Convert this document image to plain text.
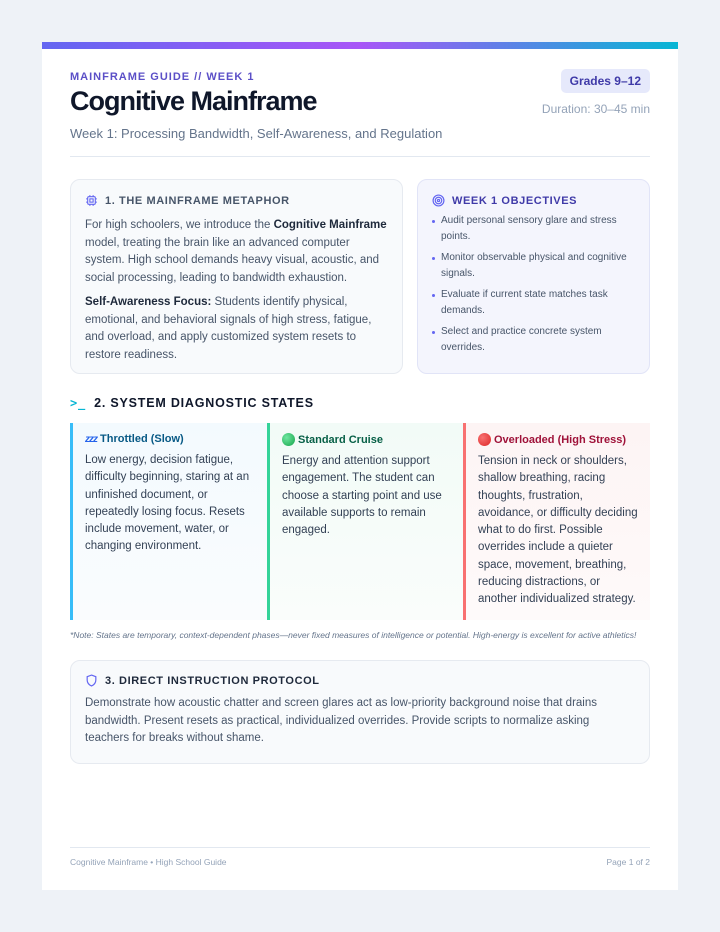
MAINFRAME GUIDE // WEEK 1
Cognitive Mainframe
Week 1: Processing Bandwidth, Self-Awareness, and Regulation
Grades 9–12
Duration: 30–45 min
1. THE MAINFRAME METAPHOR

For high schoolers, we introduce the Cognitive Mainframe model, treating the brain like an advanced computer system. High school demands heavy visual, acoustic, and social processing, leading to bandwidth exhaustion.

Self-Awareness Focus: Students identify physical, emotional, and behavioral signals of high stress, fatigue, and overload, and apply customized system resets to restore readiness.

WEEK 1 OBJECTIVES
Audit personal sensory glare and stress points.
Monitor observable physical and cognitive signals.
Evaluate if current state matches task demands.
Select and practice concrete system overrides.
>_ 2. SYSTEM DIAGNOSTIC STATES
zzz Throttled (Slow)
Low energy, decision fatigue, difficulty beginning, staring at an unfinished document, or repeatedly losing focus. Resets include movement, water, or changing environment.
Standard Cruise
Energy and attention support engagement. The student can choose a starting point and use available supports to remain engaged.
Overloaded (High Stress)
Tension in neck or shoulders, shallow breathing, racing thoughts, frustration, avoidance, or difficulty deciding what to do first. Possible overrides include a quieter space, movement, breathing, reducing distractions, or another individualized strategy.

*Note: States are temporary, context-dependent phases—never fixed measures of intelligence or potential. High-energy is excellent for active athletics!

3. DIRECT INSTRUCTION PROTOCOL

Demonstrate how acoustic chatter and screen glares act as low-priority background noise that drains bandwidth. Present resets as practical, individualized overrides. Provide scripts to normalize asking teachers for breaks without shame.

Cognitive Mainframe • High School Guide	Page 1 of 2
